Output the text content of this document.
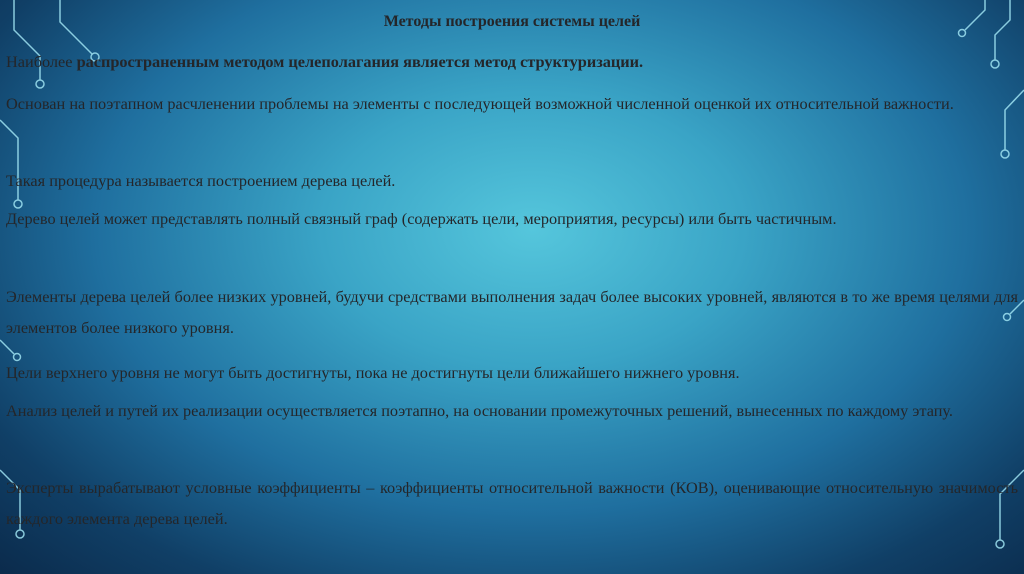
Методы построения системы целей
Наиболее распространенным методом целеполагания является метод структуризации.
Основан на поэтапном расчленении проблемы на элементы с последующей возможной численной оценкой их относительной важности.
Такая процедура называется построением дерева целей.
Дерево целей может представлять полный связный граф (содержать цели, мероприятия, ресурсы) или быть частичным.
Элементы дерева целей более низких уровней, будучи средствами выполнения задач более высоких уровней, являются в то же время целями для элементов более низкого уровня.
Цели верхнего уровня не могут быть достигнуты, пока не достигнуты цели ближайшего нижнего уровня.
Анализ целей и путей их реализации осуществляется поэтапно, на основании промежуточных решений, вынесенных по каждому этапу.
Эксперты вырабатывают условные коэффициенты – коэффициенты относительной важности (КОВ), оценивающие относительную значимость каждого элемента дерева целей.
